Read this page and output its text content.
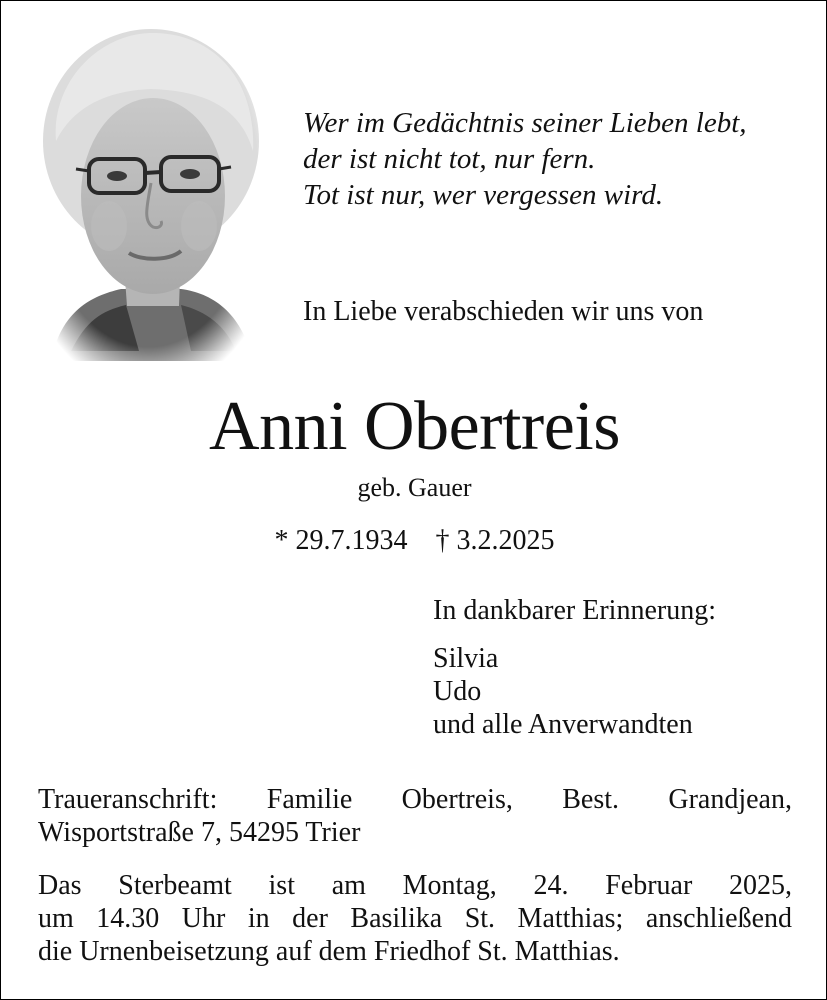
Wer im Gedächtnis seiner Lieben lebt,
der ist nicht tot, nur fern.
Tot ist nur, wer vergessen wird.
In Liebe verabschieden wir uns von
Anni Obertreis
geb. Gauer
* 29.7.1934 † 3.2.2025
In dankbarer Erinnerung:
Silvia
Udo
und alle Anverwandten
Traueranschrift: Familie Obertreis, Best. Grandjean,
Wisportstraße 7, 54295 Trier
Das Sterbeamt ist am Montag, 24. Februar 2025,
um 14.30 Uhr in der Basilika St. Matthias; anschließend
die Urnenbeisetzung auf dem Friedhof St. Matthias.
